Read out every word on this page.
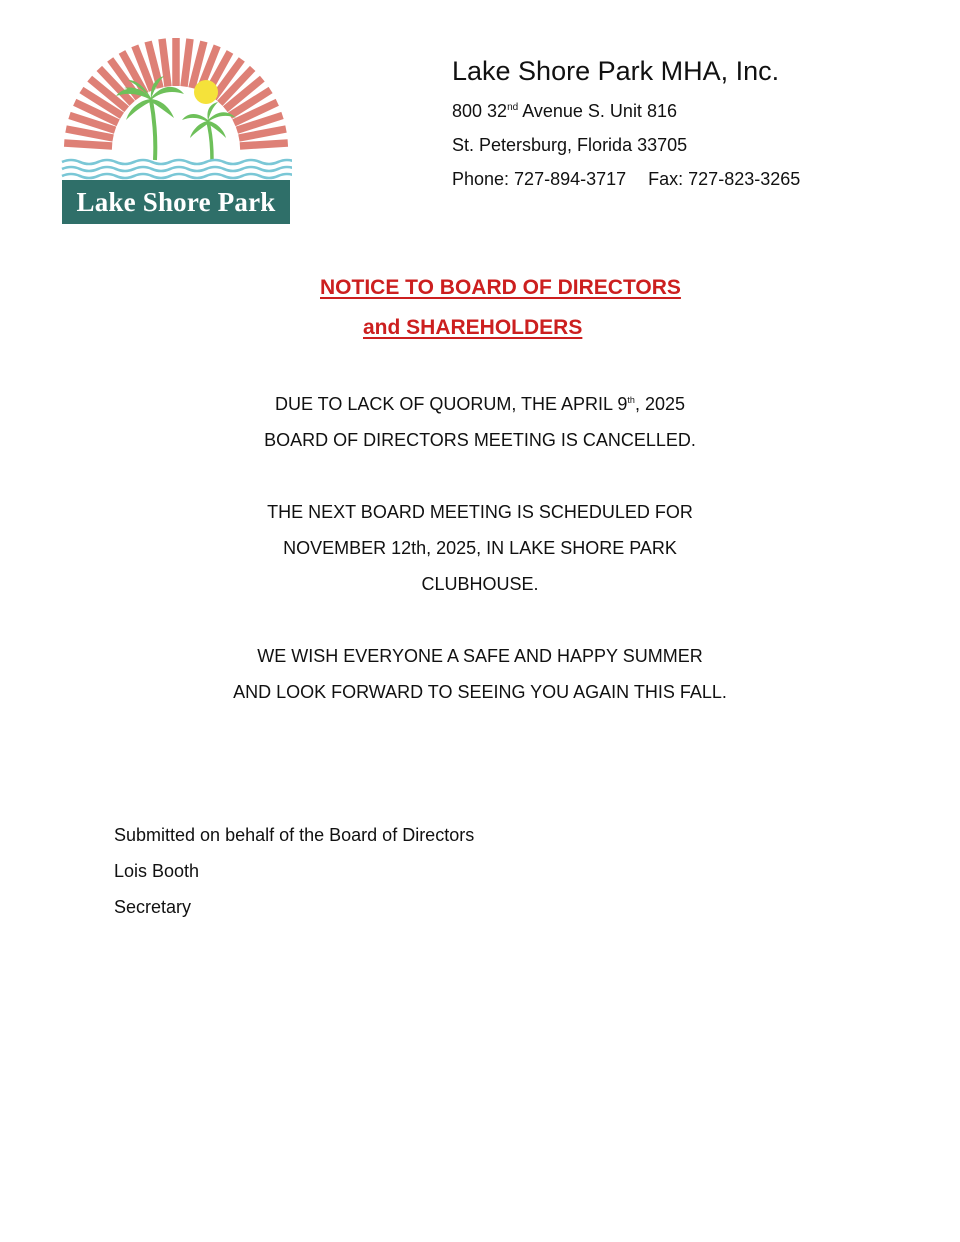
Lake Shore Park
Lake Shore Park MHA, Inc.
800 32nd Avenue S. Unit 816
St. Petersburg, Florida 33705
Phone: 727-894-3717 Fax: 727-823-3265
NOTICE TO BOARD OF DIRECTORS
and SHAREHOLDERS
DUE TO LACK OF QUORUM, THE APRIL 9th, 2025
BOARD OF DIRECTORS MEETING IS CANCELLED.
THE NEXT BOARD MEETING IS SCHEDULED FOR
NOVEMBER 12th, 2025, IN LAKE SHORE PARK
CLUBHOUSE.
WE WISH EVERYONE A SAFE AND HAPPY SUMMER
AND LOOK FORWARD TO SEEING YOU AGAIN THIS FALL.
Submitted on behalf of the Board of Directors
Lois Booth
Secretary
